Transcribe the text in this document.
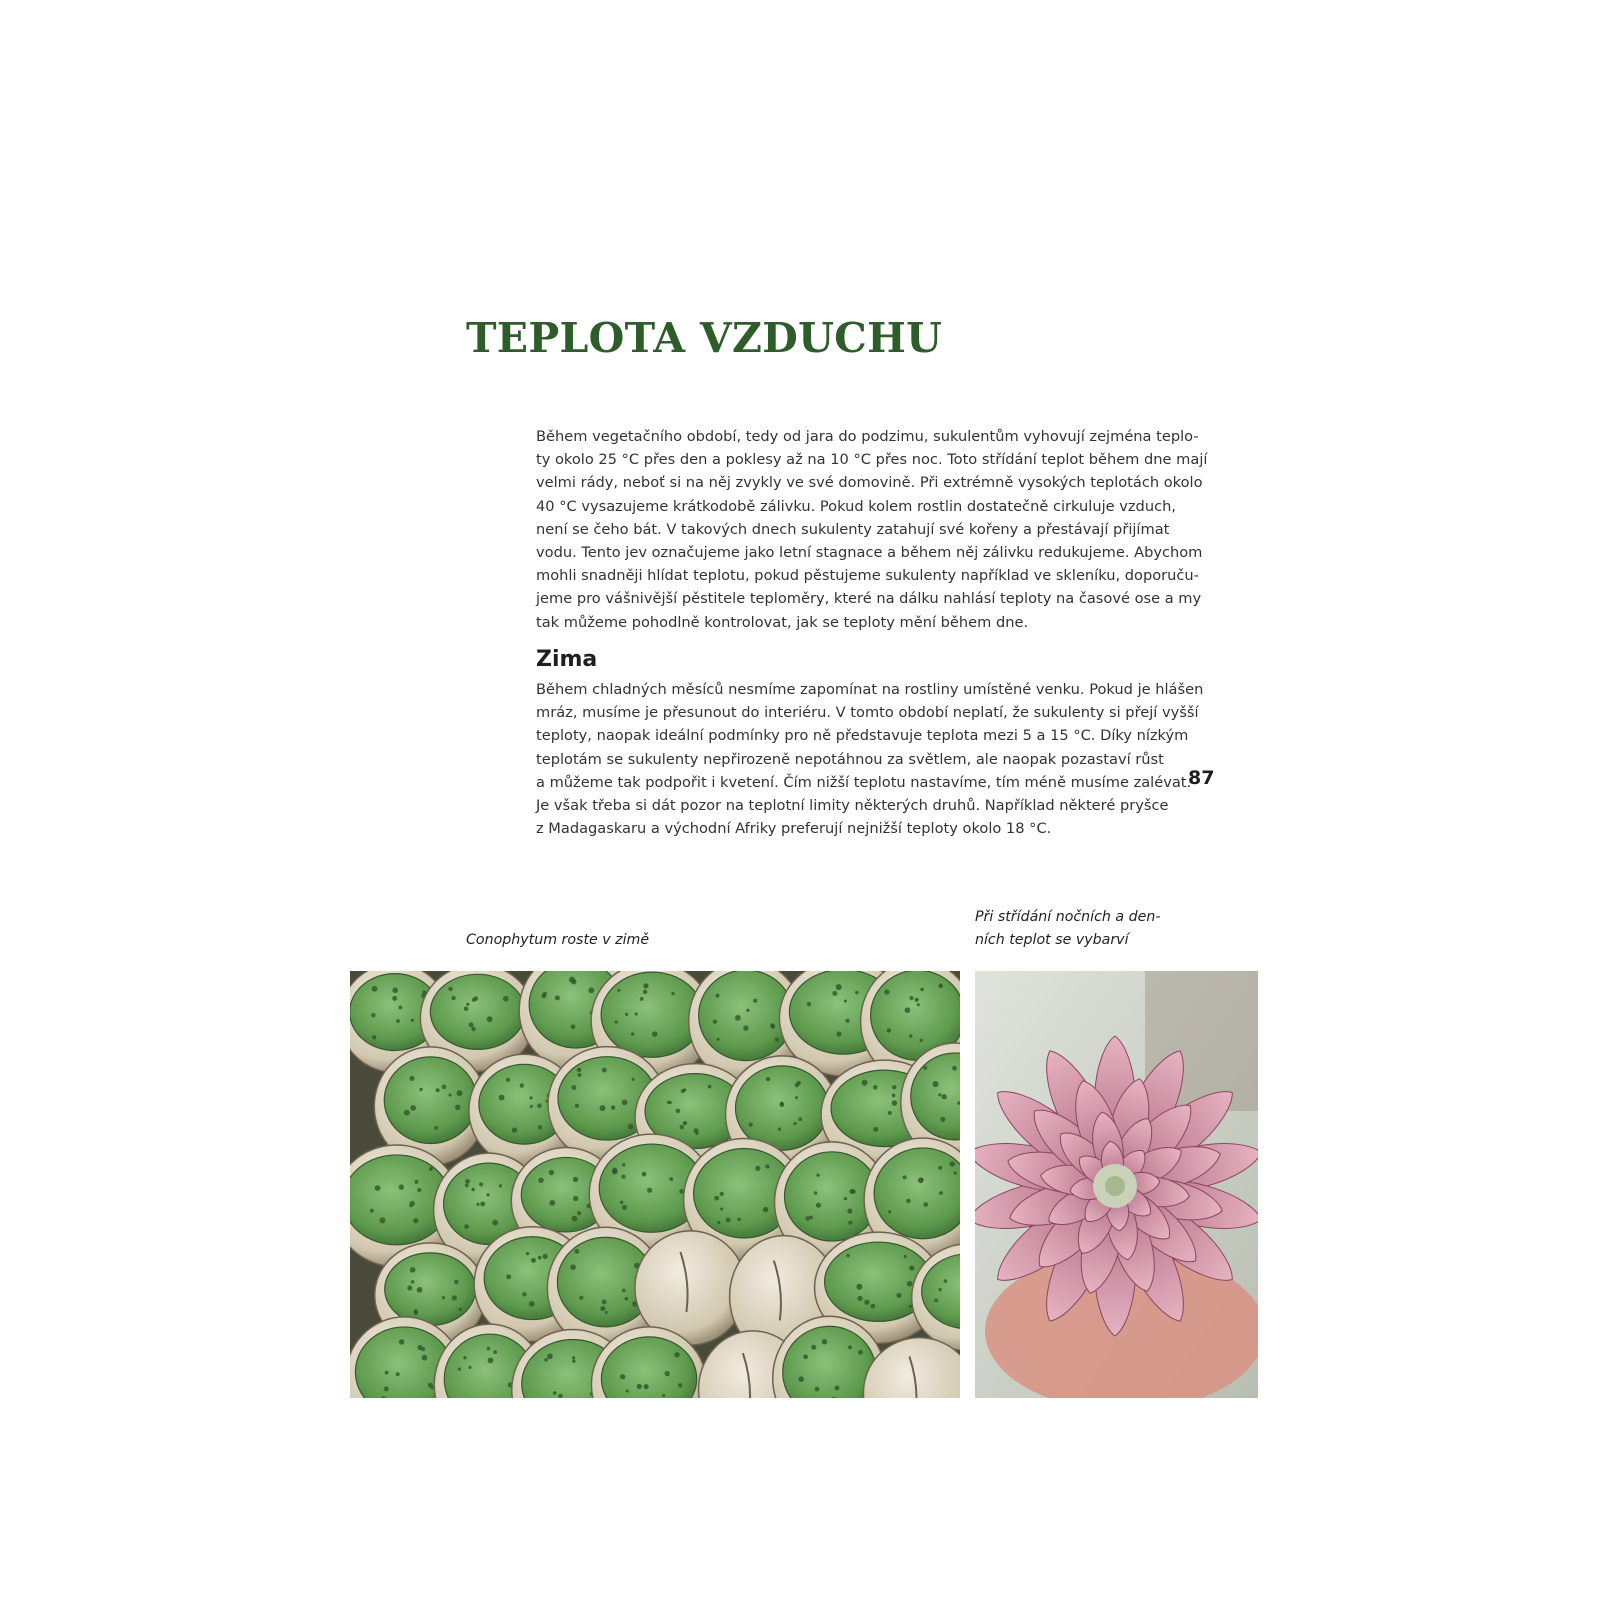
TEPLOTA VZDUCHU

Během vegetačního období, tedy od jara do podzimu, sukulentům vyhovují zejména teplo-
ty okolo 25 °C přes den a poklesy až na 10 °C přes noc. Toto střídání teplot během dne mají
velmi rády, neboť si na něj zvykly ve své domovině. Při extrémně vysokých teplotách okolo
40 °C vysazujeme krátkodobě zálivku. Pokud kolem rostlin dostatečně cirkuluje vzduch,
není se čeho bát. V takových dnech sukulenty zatahují své kořeny a přestávají přijímat
vodu. Tento jev označujeme jako letní stagnace a během něj zálivku redukujeme. Abychom
mohli snadněji hlídat teplotu, pokud pěstujeme sukulenty například ve skleníku, doporuču-
jeme pro vášnivější pěstitele teploměry, které na dálku nahlásí teploty na časové ose a my
tak můžeme pohodlně kontrolovat, jak se teploty mění během dne.

Zima

Během chladných měsíců nesmíme zapomínat na rostliny umístěné venku. Pokud je hlášen
mráz, musíme je přesunout do interiéru. V tomto období neplatí, že sukulenty si přejí vyšší
teploty, naopak ideální podmínky pro ně představuje teplota mezi 5 a 15 °C. Díky nízkým
teplotám se sukulenty nepřirozeně nepotáhnou za světlem, ale naopak pozastaví růst
a můžeme tak podpořit i kvetení. Čím nižší teplotu nastavíme, tím méně musíme zalévat.
Je však třeba si dát pozor na teplotní limity některých druhů. Například některé pryšce
z Madagaskaru a východní Afriky preferují nejnižší teploty okolo 18 °C.

87
Conophytum roste v zimě
Při střídání nočních a den-
ních teplot se vybarví
